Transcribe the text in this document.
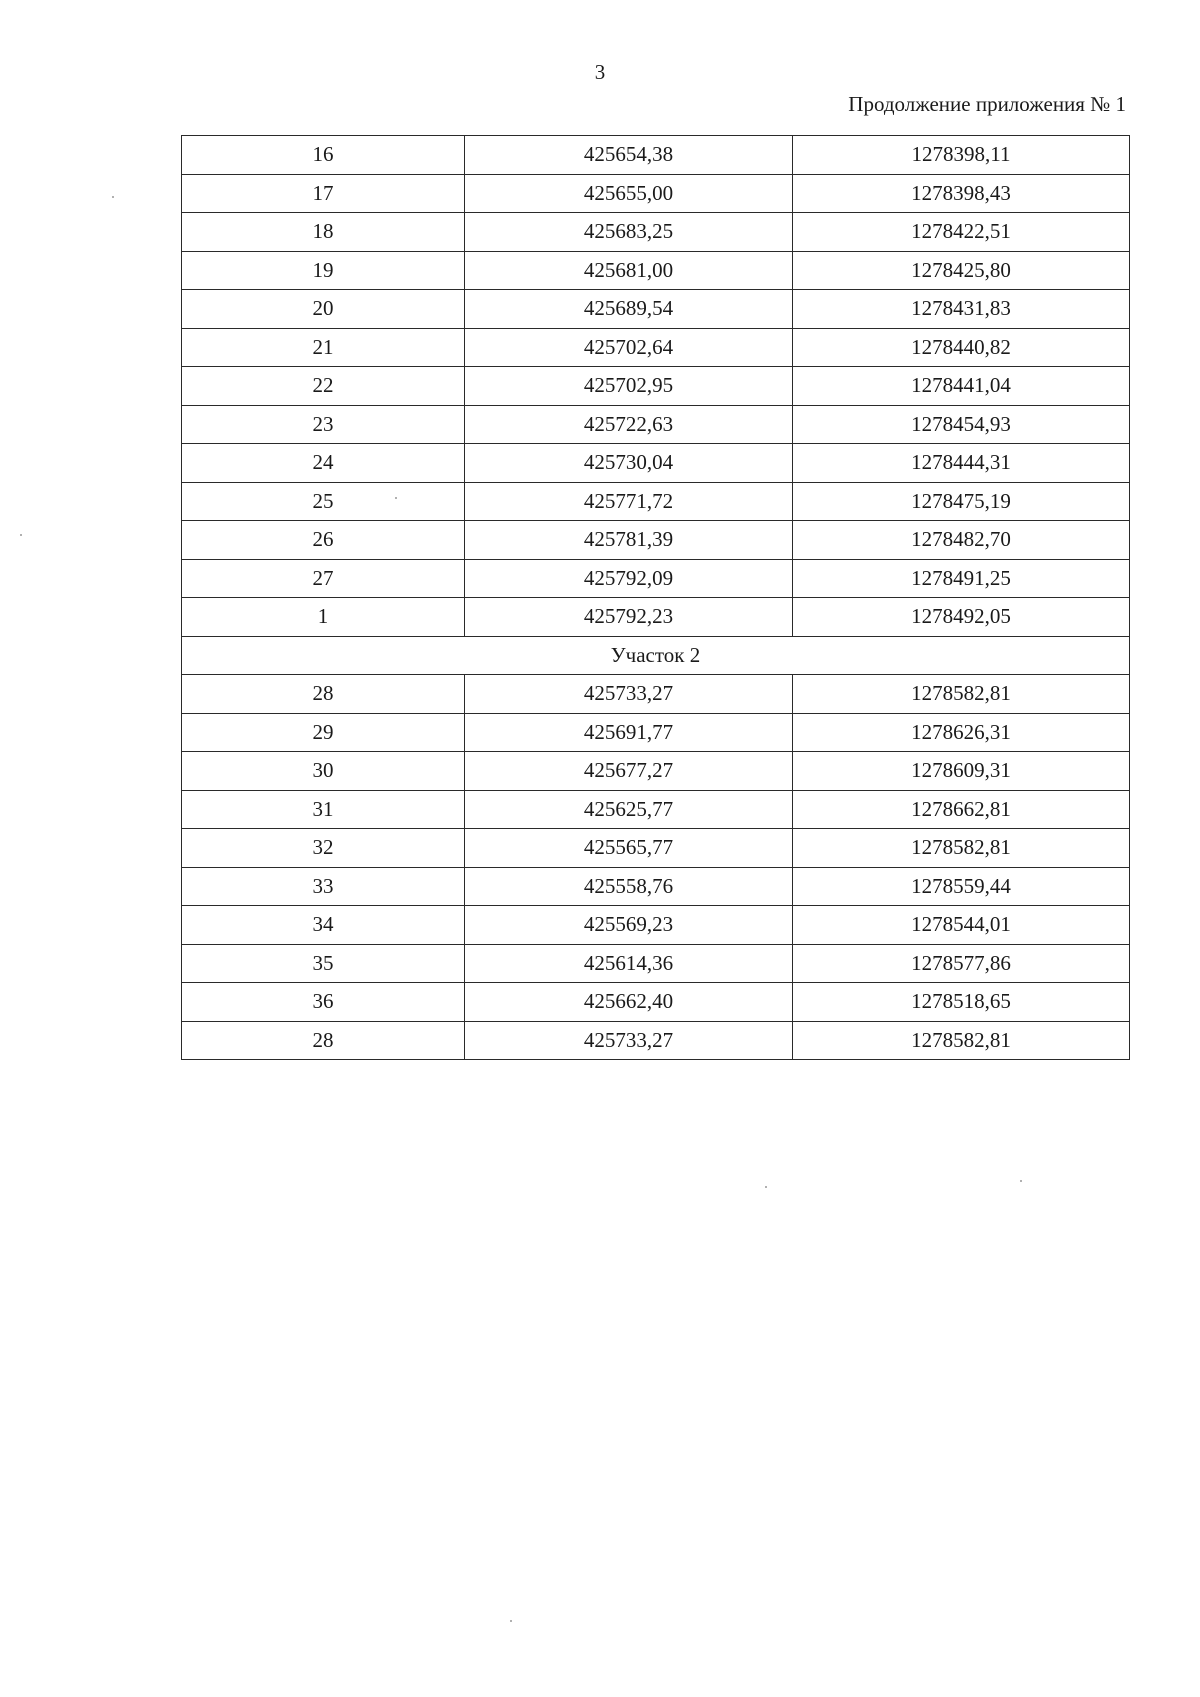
3
Продолжение приложения № 1
16	425654,38	1278398,11
17	425655,00	1278398,43
18	425683,25	1278422,51
19	425681,00	1278425,80
20	425689,54	1278431,83
21	425702,64	1278440,82
22	425702,95	1278441,04
23	425722,63	1278454,93
24	425730,04	1278444,31
25	425771,72	1278475,19
26	425781,39	1278482,70
27	425792,09	1278491,25
1	425792,23	1278492,05
Участок 2		
28	425733,27	1278582,81
29	425691,77	1278626,31
30	425677,27	1278609,31
31	425625,77	1278662,81
32	425565,77	1278582,81
33	425558,76	1278559,44
34	425569,23	1278544,01
35	425614,36	1278577,86
36	425662,40	1278518,65
28	425733,27	1278582,81
